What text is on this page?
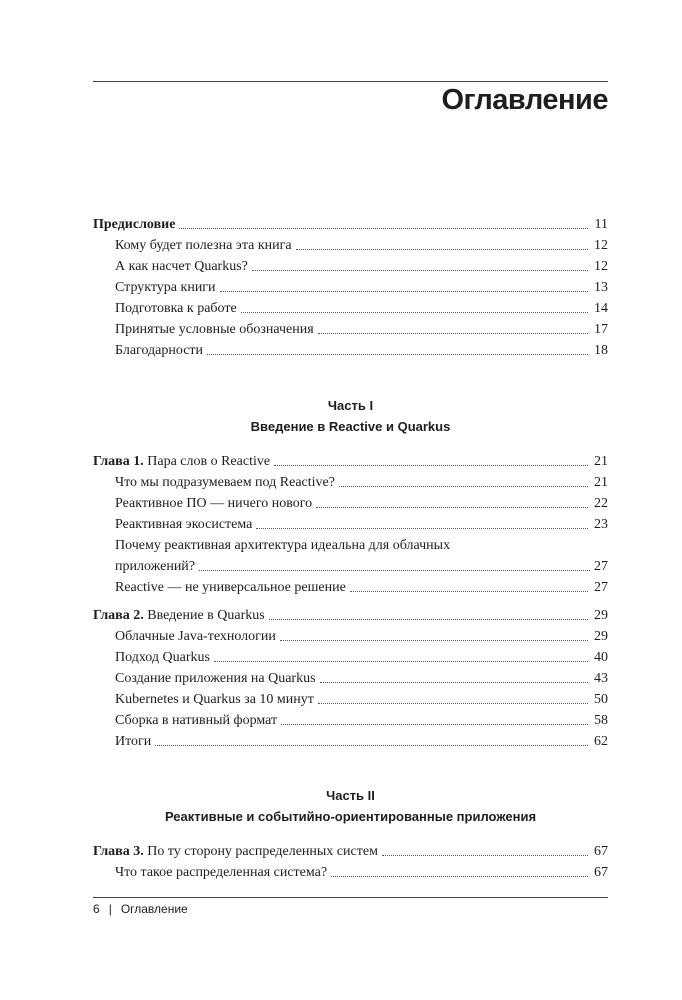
Оглавление
Предисловие	11
Кому будет полезна эта книга	12
А как насчет Quarkus?	12
Структура книги	13
Подготовка к работе	14
Принятые условные обозначения	17
Благодарности	18
Часть I
Введение в Reactive и Quarkus
Глава 1. Пара слов о Reactive	21
Что мы подразумеваем под Reactive?	21
Реактивное ПО — ничего нового	22
Реактивная экосистема	23
Почему реактивная архитектура идеальна для облачных
приложений?	27
Reactive — не универсальное решение	27
Глава 2. Введение в Quarkus	29
Облачные Java-технологии	29
Подход Quarkus	40
Создание приложения на Quarkus	43
Kubernetes и Quarkus за 10 минут	50
Сборка в нативный формат	58
Итоги	62
Часть II
Реактивные и событийно-ориентированные приложения
Глава 3. По ту сторону распределенных систем	67
Что такое распределенная система?	67
6 | Оглавление
